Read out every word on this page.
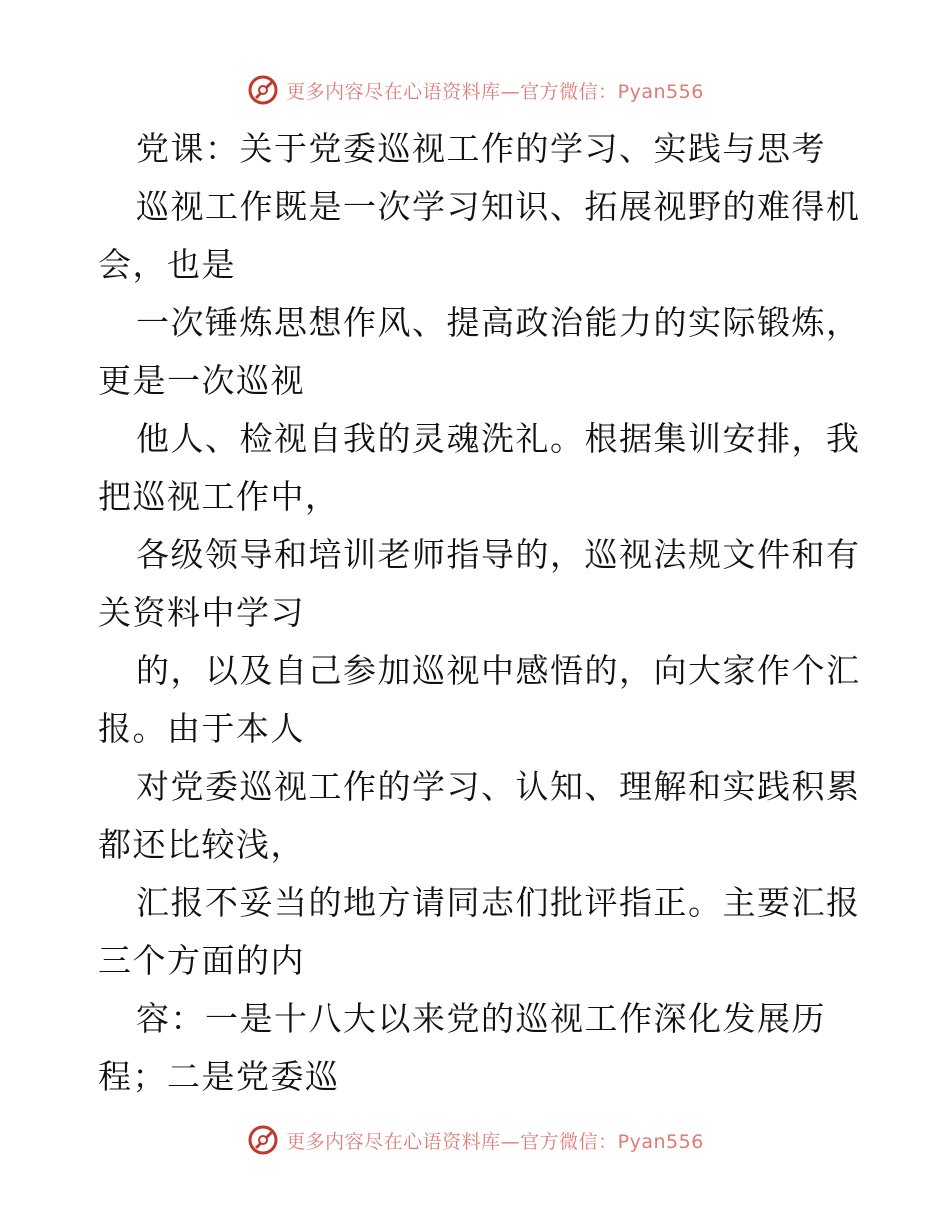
更多内容尽在心语资料库—官方微信：Pyan556
党课：关于党委巡视工作的学习、实践与思考
巡视工作既是一次学习知识、拓展视野的难得机
会，也是
一次锤炼思想作风、提高政治能力的实际锻炼，
更是一次巡视
他人、检视自我的灵魂洗礼。根据集训安排，我
把巡视工作中，
各级领导和培训老师指导的，巡视法规文件和有
关资料中学习
的，以及自己参加巡视中感悟的，向大家作个汇
报。由于本人
对党委巡视工作的学习、认知、理解和实践积累
都还比较浅，
汇报不妥当的地方请同志们批评指正。主要汇报
三个方面的内
容：一是十八大以来党的巡视工作深化发展历
程；二是党委巡
更多内容尽在心语资料库—官方微信：Pyan556
